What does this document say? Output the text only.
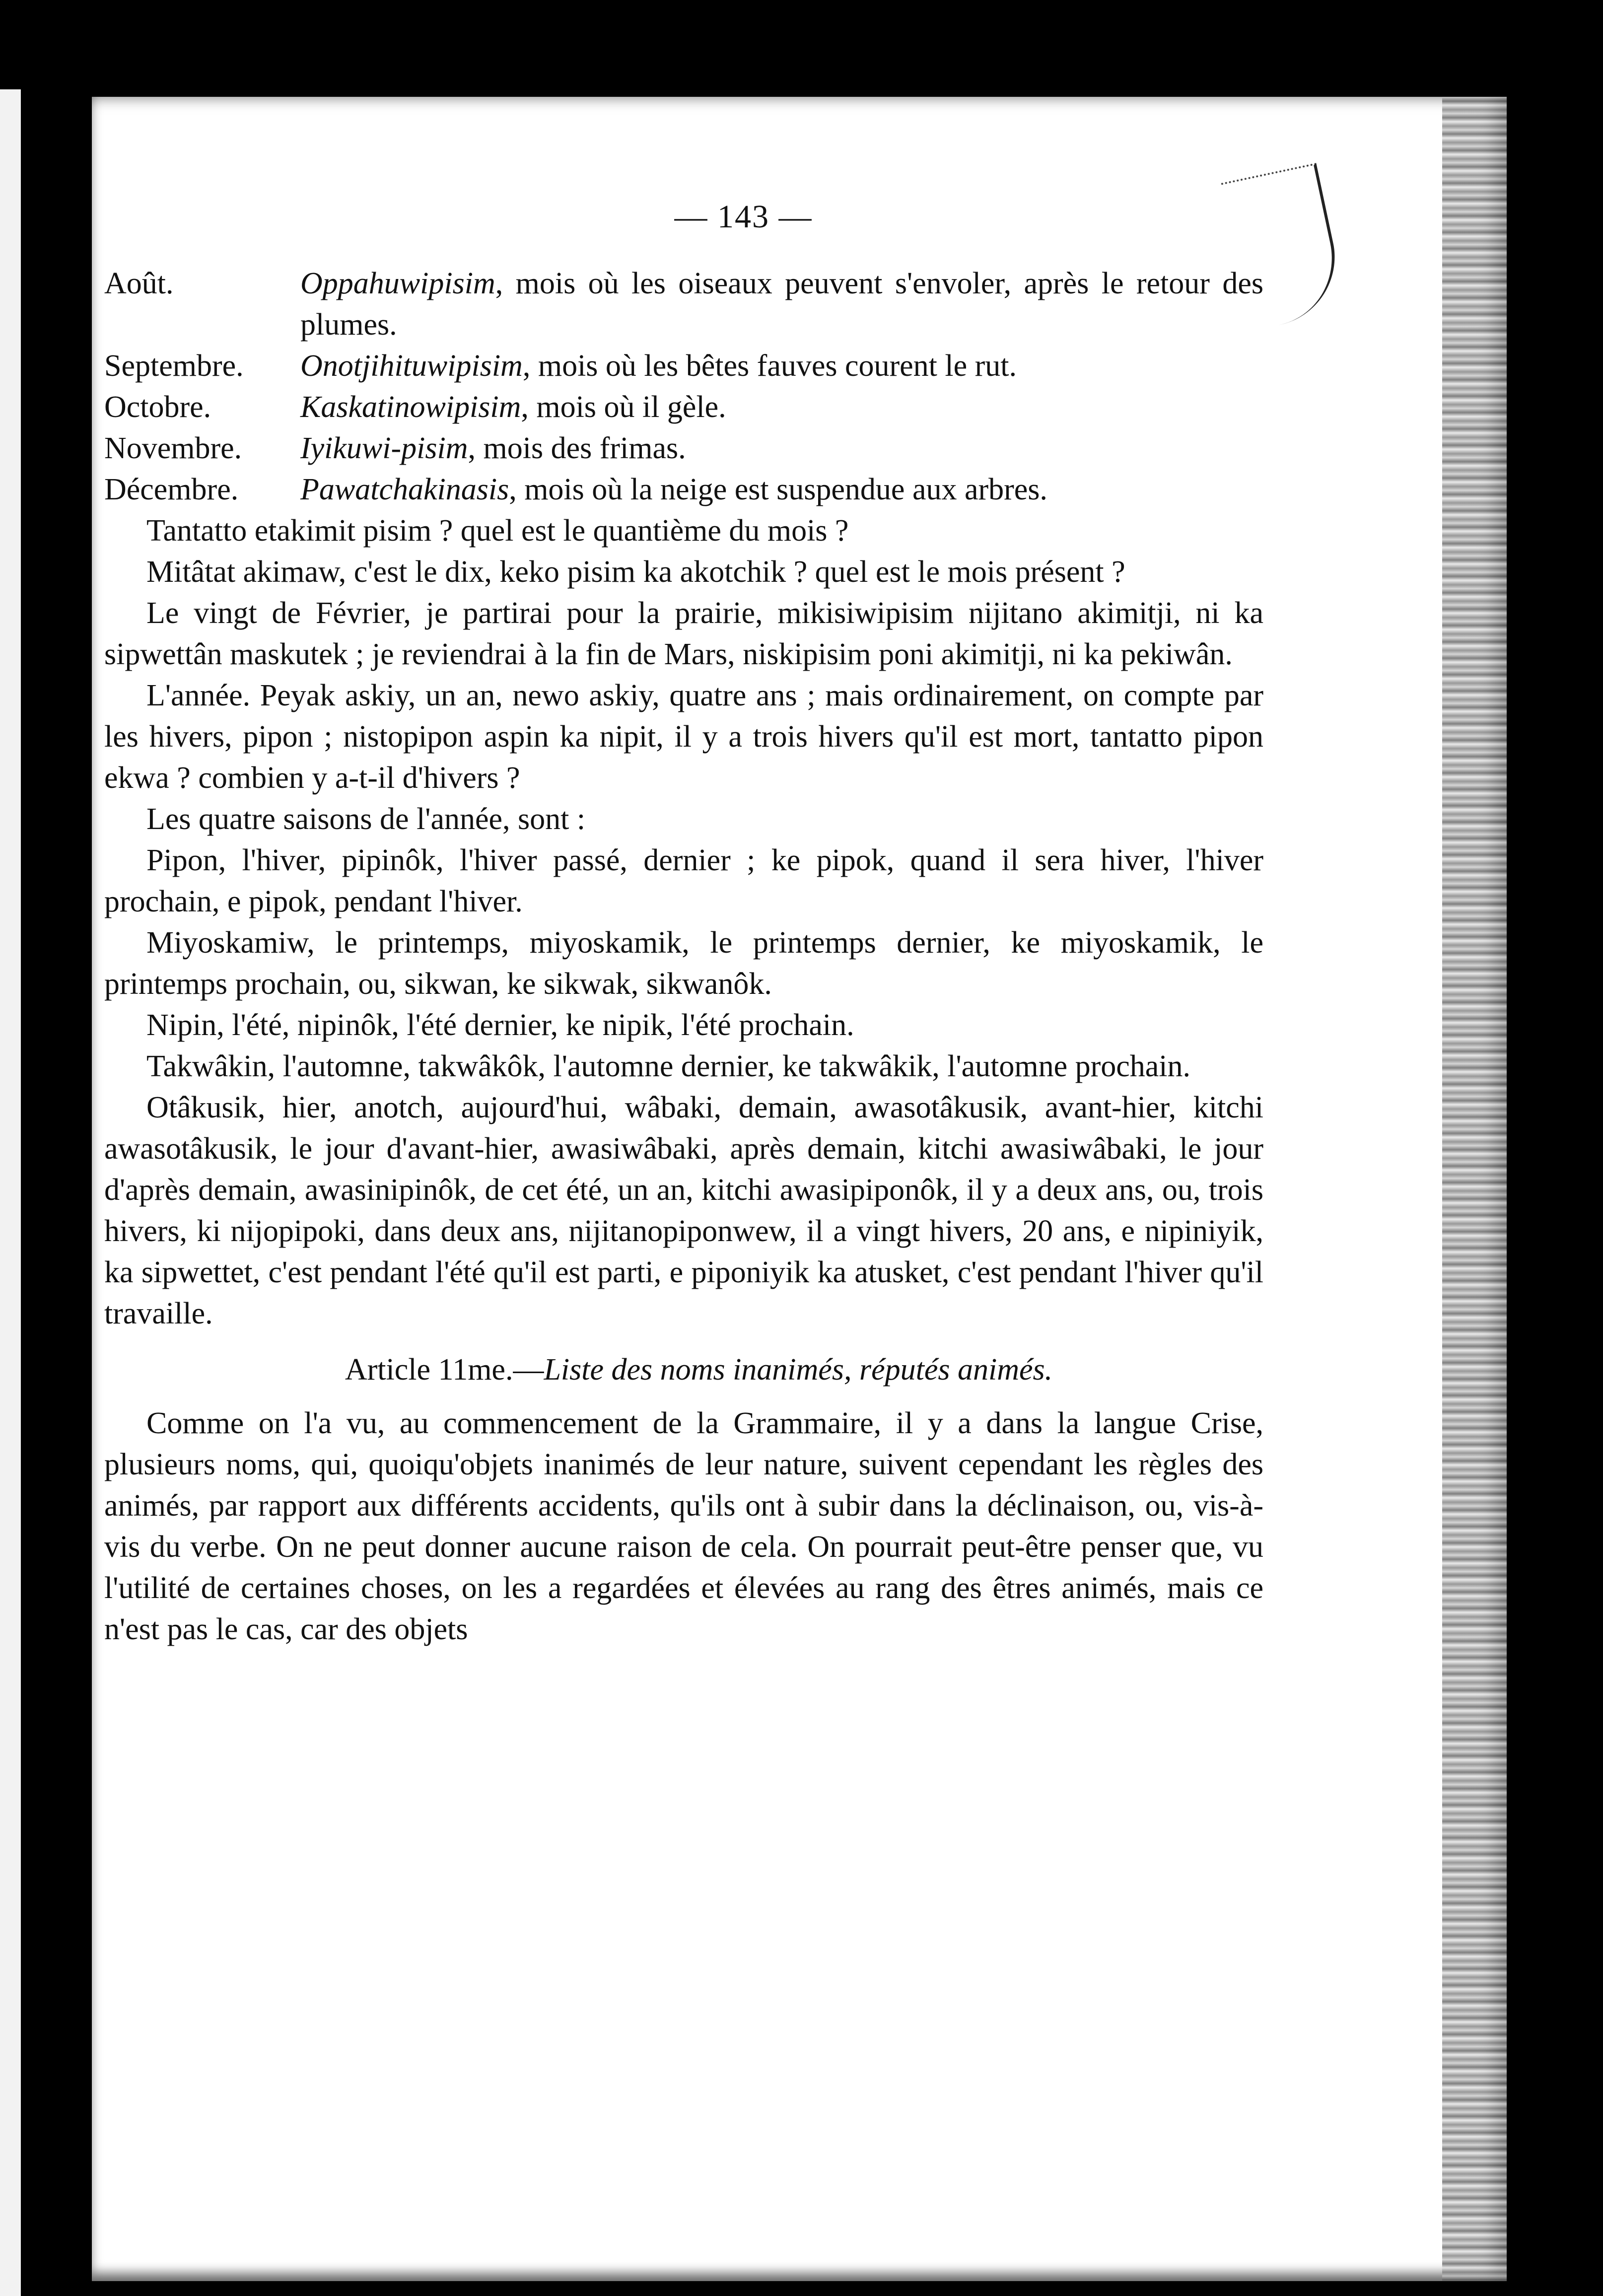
— 143 —
Août.	Oppahuwipisim, mois où les oiseaux peuvent s'envoler, après le retour des plumes.
Septembre.	Onotjihituwipisim, mois où les bêtes fauves courent le rut.
Octobre.	Kaskatinowipisim, mois où il gèle.
Novembre.	Iyikuwi-pisim, mois des frimas.
Décembre.	Pawatchakinasis, mois où la neige est suspendue aux arbres.

Tantatto etakimit pisim ? quel est le quantième du mois ?

Mitâtat akimaw, c'est le dix, keko pisim ka akotchik ? quel est le mois présent ?

Le vingt de Février, je partirai pour la prairie, mikisiwipisim nijitano akimitji, ni ka sipwettân maskutek ; je reviendrai à la fin de Mars, niskipisim poni akimitji, ni ka pekiwân.

L'année. Peyak askiy, un an, newo askiy, quatre ans ; mais ordinairement, on compte par les hivers, pipon ; nistopipon aspin ka nipit, il y a trois hivers qu'il est mort, tantatto pipon ekwa ? combien y a-t-il d'hivers ?

Les quatre saisons de l'année, sont :

Pipon, l'hiver, pipinôk, l'hiver passé, dernier ; ke pipok, quand il sera hiver, l'hiver prochain, e pipok, pendant l'hiver.

Miyoskamiw, le printemps, miyoskamik, le printemps dernier, ke miyoskamik, le printemps prochain, ou, sikwan, ke sikwak, sikwanôk.

Nipin, l'été, nipinôk, l'été dernier, ke nipik, l'été prochain.

Takwâkin, l'automne, takwâkôk, l'automne dernier, ke takwâkik, l'automne prochain.

Otâkusik, hier, anotch, aujourd'hui, wâbaki, demain, awasotâkusik, avant-hier, kitchi awasotâkusik, le jour d'avant-hier, awasiwâbaki, après demain, kitchi awasiwâbaki, le jour d'après demain, awasinipinôk, de cet été, un an, kitchi awasipiponôk, il y a deux ans, ou, trois hivers, ki nijopipoki, dans deux ans, nijitanopiponwew, il a vingt hivers, 20 ans, e nipiniyik, ka sipwettet, c'est pendant l'été qu'il est parti, e piponiyik ka atusket, c'est pendant l'hiver qu'il travaille.

Article 11me.—Liste des noms inanimés, réputés animés.

Comme on l'a vu, au commencement de la Grammaire, il y a dans la langue Crise, plusieurs noms, qui, quoiqu'objets inanimés de leur nature, suivent cependant les règles des animés, par rapport aux différents accidents, qu'ils ont à subir dans la déclinaison, ou, vis-à-vis du verbe. On ne peut donner aucune raison de cela. On pourrait peut-être penser que, vu l'utilité de certaines choses, on les a regardées et élevées au rang des êtres animés, mais ce n'est pas le cas, car des objets
